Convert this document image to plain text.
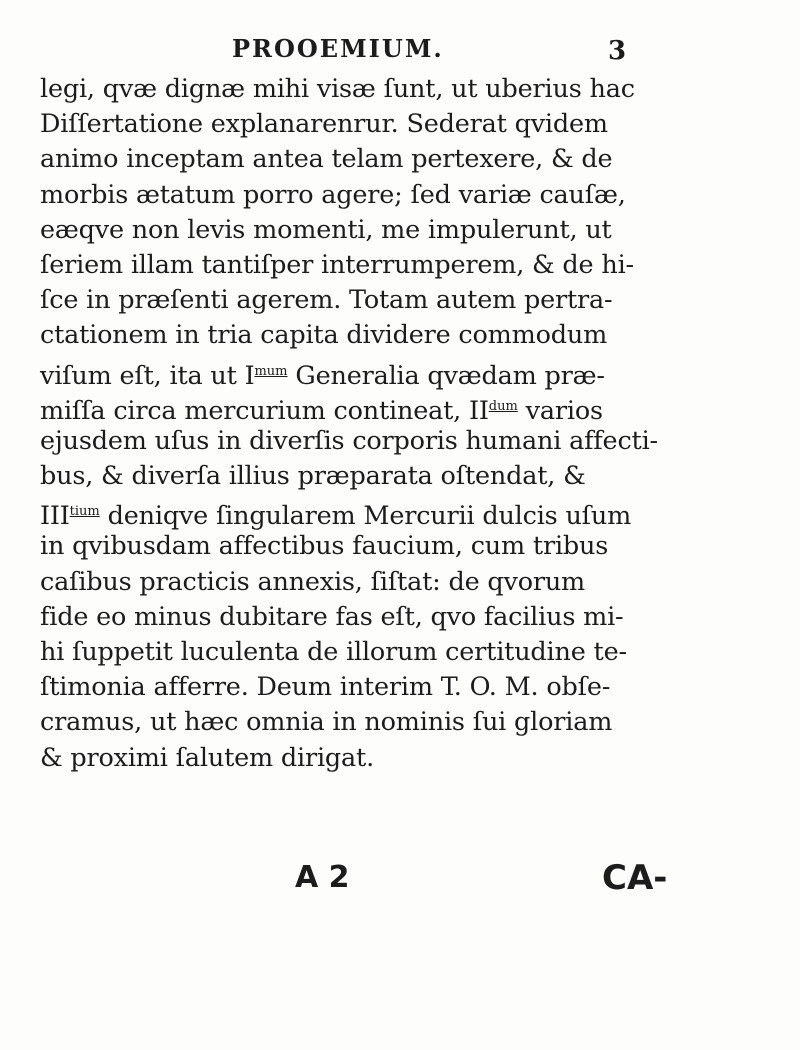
PROOEMIUM.	3
legi, qvæ dignæ mihi visæ ſunt, ut uberius hac
Diſſertatione explanarenrur. Sederat qvidem
animo inceptam antea telam pertexere, & de
morbis ætatum porro agere; ſed variæ cauſæ,
eæqve non levis momenti, me impulerunt, ut
ſeriem illam tantiſper interrumperem, & de hi-
ſce in præſenti agerem. Totam autem pertra-
ctationem in tria capita dividere commodum
viſum eſt, ita ut $I^{mum}$ Generalia qvædam præ-
miſſa circa mercurium contineat, $II^{dum}$ varios
ejusdem uſus in diverſis corporis humani affecti-
bus, & diverſa illius præparata oſtendat, &
$III^{tium}$ deniqve ſingularem Mercurii dulcis uſum
in qvibusdam affectibus faucium, cum tribus
caſibus practicis annexis, ſiſtat: de qvorum
fide eo minus dubitare fas eſt, qvo facilius mi-
hi ſuppetit luculenta de illorum certitudine te-
ſtimonia afferre. Deum interim T. O. M. obſe-
cramus, ut hæc omnia in nominis ſui gloriam
& proximi ſalutem dirigat.
A 2	CA-
